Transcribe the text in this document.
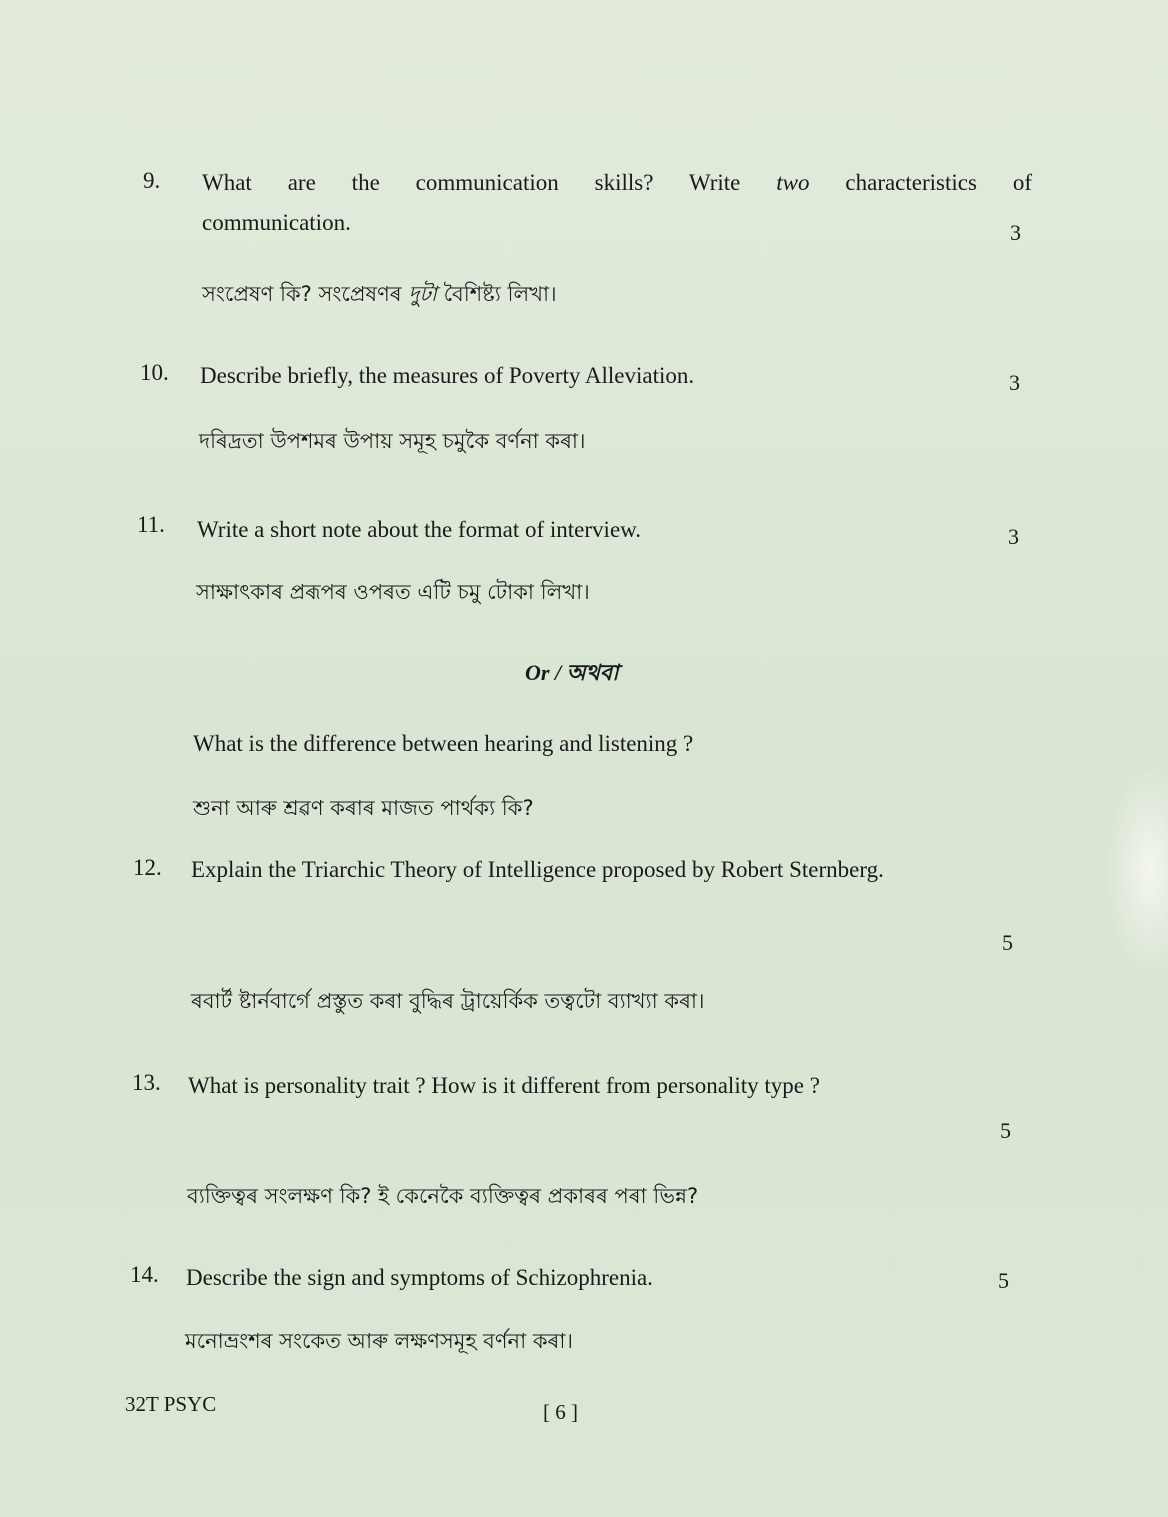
9. What are the communication skills? Write two characteristics of
communication.	3
সংপ্ৰেষণ কি? সংপ্ৰেষণৰ দুটা বৈশিষ্ট্য লিখা।
10. Describe briefly, the measures of Poverty Alleviation.	3
দৰিদ্ৰতা উপশমৰ উপায় সমূহ চমুকৈ বৰ্ণনা কৰা।
11. Write a short note about the format of interview.	3
সাক্ষাৎকাৰ প্ৰৰূপৰ ওপৰত এটি চমু টোকা লিখা।
Or / অথবা
What is the difference between hearing and listening ?
শুনা আৰু শ্ৰৱণ কৰাৰ মাজত পাৰ্থক্য কি?
12. Explain the Triarchic Theory of Intelligence proposed by Robert Sternberg.
5
ৰবাৰ্ট ষ্টাৰ্নবাৰ্গে প্ৰস্তুত কৰা বুদ্ধিৰ ট্ৰায়েৰ্কিক তত্বটো ব্যাখ্যা কৰা।
13. What is personality trait ? How is it different from personality type ?
5
ব্যক্তিত্বৰ সংলক্ষণ কি? ই কেনেকৈ ব্যক্তিত্বৰ প্ৰকাৰৰ পৰা ভিন্ন?
14. Describe the sign and symptoms of Schizophrenia.	5
মনোভ্ৰংশৰ সংকেত আৰু লক্ষণসমূহ বৰ্ণনা কৰা।
32T PSYC	[ 6 ]
